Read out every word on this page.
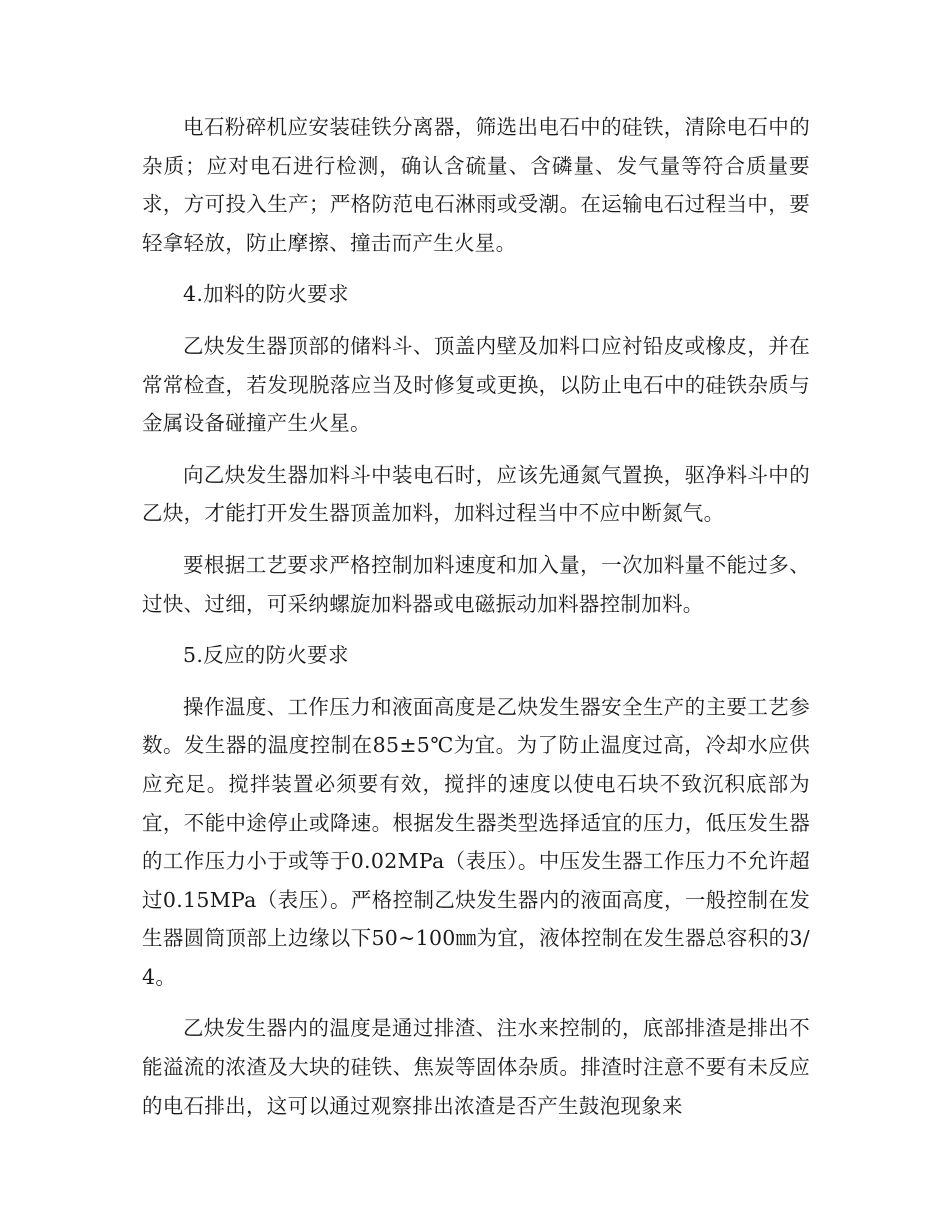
电石粉碎机应安装硅铁分离器，筛选出电石中的硅铁，清除电石中的杂质；应对电石进行检测，确认含硫量、含磷量、发气量等符合质量要求，方可投入生产；严格防范电石淋雨或受潮。在运输电石过程当中，要轻拿轻放，防止摩擦、撞击而产生火星。

4.加料的防火要求

乙炔发生器顶部的储料斗、顶盖内壁及加料口应衬铅皮或橡皮，并在常常检查，若发现脱落应当及时修复或更换，以防止电石中的硅铁杂质与金属设备碰撞产生火星。

向乙炔发生器加料斗中装电石时，应该先通氮气置换，驱净料斗中的乙炔，才能打开发生器顶盖加料，加料过程当中不应中断氮气。

要根据工艺要求严格控制加料速度和加入量，一次加料量不能过多、过快、过细，可采纳螺旋加料器或电磁振动加料器控制加料。

5.反应的防火要求

操作温度、工作压力和液面高度是乙炔发生器安全生产的主要工艺参数。发生器的温度控制在85±5℃为宜。为了防止温度过高，冷却水应供应充足。搅拌装置必须要有效，搅拌的速度以使电石块不致沉积底部为宜，不能中途停止或降速。根据发生器类型选择适宜的压力，低压发生器的工作压力小于或等于0.02MPa（表压）。中压发生器工作压力不允许超过0.15MPa（表压）。严格控制乙炔发生器内的液面高度，一般控制在发生器圆筒顶部上边缘以下50~100㎜为宜，液体控制在发生器总容积的3/4。

乙炔发生器内的温度是通过排渣、注水来控制的，底部排渣是排出不能溢流的浓渣及大块的硅铁、焦炭等固体杂质。排渣时注意不要有未反应的电石排出，这可以通过观察排出浓渣是否产生鼓泡现象来
